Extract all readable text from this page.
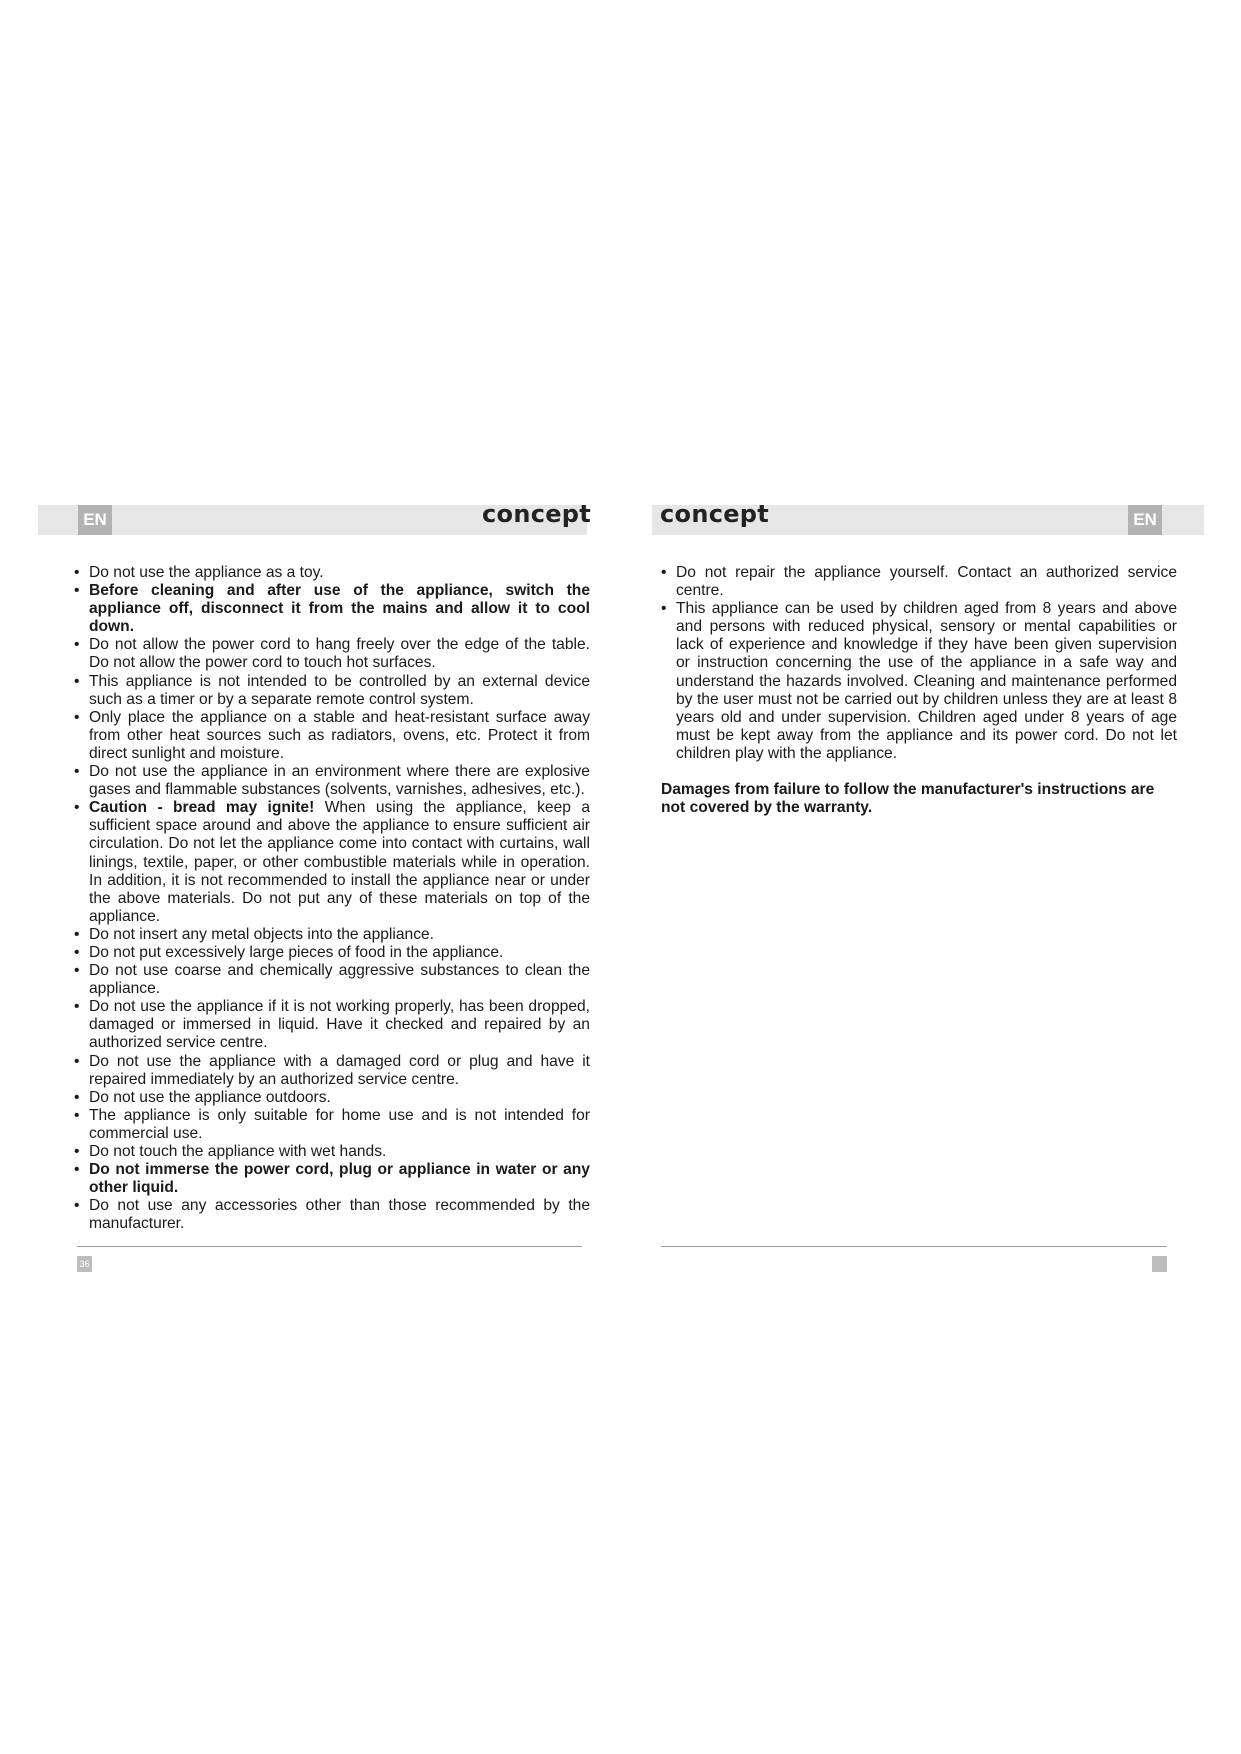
EN	EN
concept	concept
• Do not use the appliance as a toy.
• Before cleaning and after use of the appliance, switch the appliance off, disconnect it from the mains and allow it to cool down.
• Do not allow the power cord to hang freely over the edge of the table. Do not allow the power cord to touch hot surfaces.
• This appliance is not intended to be controlled by an external device such as a timer or by a separate remote control system.
• Only place the appliance on a stable and heat-resistant surface away from other heat sources such as radiators, ovens, etc. Protect it from direct sunlight and moisture.
• Do not use the appliance in an environment where there are explosive gases and flammable substances (solvents, varnishes, adhesives, etc.).
• Caution - bread may ignite! When using the appliance, keep a sufficient space around and above the appliance to ensure sufficient air circulation. Do not let the appliance come into contact with curtains, wall linings, textile, paper, or other combustible materials while in operation. In addition, it is not recommended to install the appliance near or under the above materials. Do not put any of these materials on top of the appliance.
• Do not insert any metal objects into the appliance.
• Do not put excessively large pieces of food in the appliance.
• Do not use coarse and chemically aggressive substances to clean the appliance.
• Do not use the appliance if it is not working properly, has been dropped, damaged or immersed in liquid. Have it checked and repaired by an authorized service centre.
• Do not use the appliance with a damaged cord or plug and have it repaired immediately by an authorized service centre.
• Do not use the appliance outdoors.
• The appliance is only suitable for home use and is not intended for commercial use.
• Do not touch the appliance with wet hands.
• Do not immerse the power cord, plug or appliance in water or any other liquid.
• Do not use any accessories other than those recommended by the manufacturer.
• Do not repair the appliance yourself. Contact an authorized service centre.
• This appliance can be used by children aged from 8 years and above and persons with reduced physical, sensory or mental capabilities or lack of experience and knowledge if they have been given supervision or instruction concerning the use of the appliance in a safe way and understand the hazards involved. Cleaning and maintenance performed by the user must not be carried out by children unless they are at least 8 years old and under supervision. Children aged under 8 years of age must be kept away from the appliance and its power cord. Do not let children play with the appliance.
Damages from failure to follow the manufacturer's instructions are not covered by the warranty.
36
